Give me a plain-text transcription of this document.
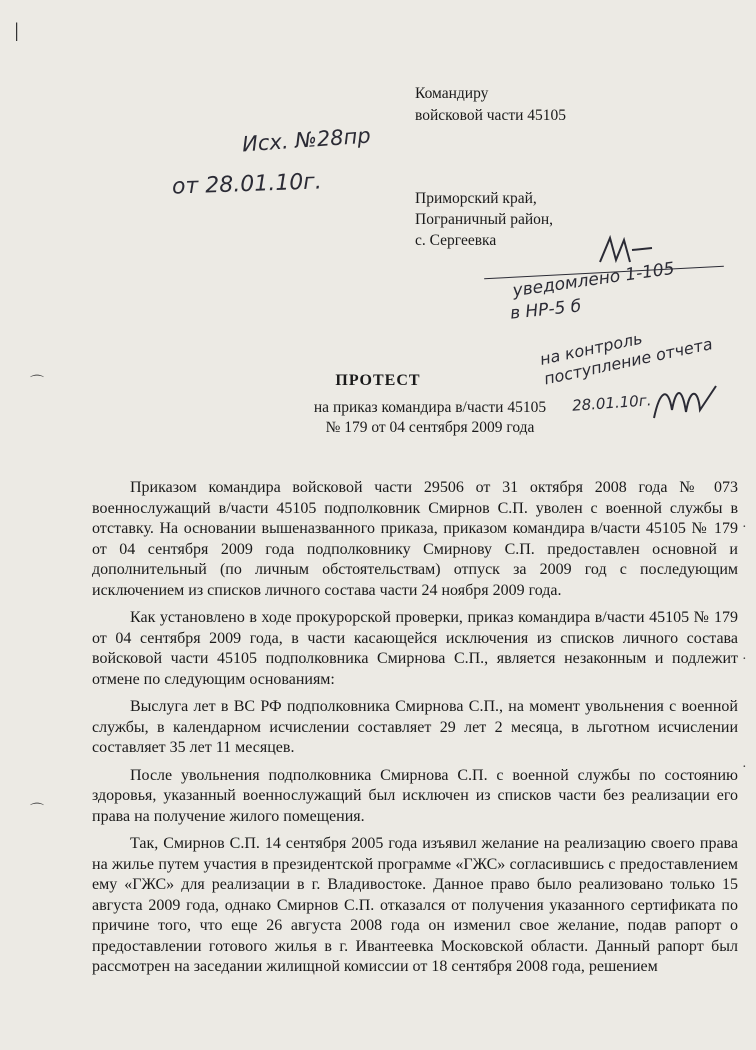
ǀ
⌒
⌒
Командиру
войсковой части 45105
Приморский край,
Пограничный район,
с. Сергеевка
Исх. №28пр
от 28.01.10г.
уведомлено 1-105
в НР-5 б
на контроль поступление отчета
28.01.10г.
ПРОТЕСТ
на приказ командира в/части 45105
№ 179 от 04 сентября 2009 года

Приказом командира войсковой части 29506 от 31 октября 2008 года № 073 военнослужащий в/части 45105 подполковник Смирнов С.П. уволен с военной службы в отставку. На основании вышеназванного приказа, приказом командира в/части 45105 № 179 от 04 сентября 2009 года подполковнику Смирнову С.П. предоставлен основной и дополнительный (по личным обстоятельствам) отпуск за 2009 год с последующим исключением из списков личного состава части 24 ноября 2009 года.

Как установлено в ходе прокурорской проверки, приказ командира в/части 45105 № 179 от 04 сентября 2009 года, в части касающейся исключения из списков личного состава войсковой части 45105 подполковника Смирнова С.П., является незаконным и подлежит отмене по следующим основаниям:

Выслуга лет в ВС РФ подполковника Смирнова С.П., на момент увольнения с военной службы, в календарном исчислении составляет 29 лет 2 месяца, в льготном исчислении составляет 35 лет 11 месяцев.

После увольнения подполковника Смирнова С.П. с военной службы по состоянию здоровья, указанный военнослужащий был исключен из списков части без реализации его права на получение жилого помещения.

Так, Смирнов С.П. 14 сентября 2005 года изъявил желание на реализацию своего права на жилье путем участия в президентской программе «ГЖС» согласившись с предоставлением ему «ГЖС» для реализации в г. Владивостоке. Данное право было реализовано только 15 августа 2009 года, однако Смирнов С.П. отказался от получения указанного сертификата по причине того, что еще 26 августа 2008 года он изменил свое желание, подав рапорт о предоставлении готового жилья в г. Ивантеевка Московской области. Данный рапорт был рассмотрен на заседании жилищной комиссии от 18 сентября 2008 года, решением

·
·
·
